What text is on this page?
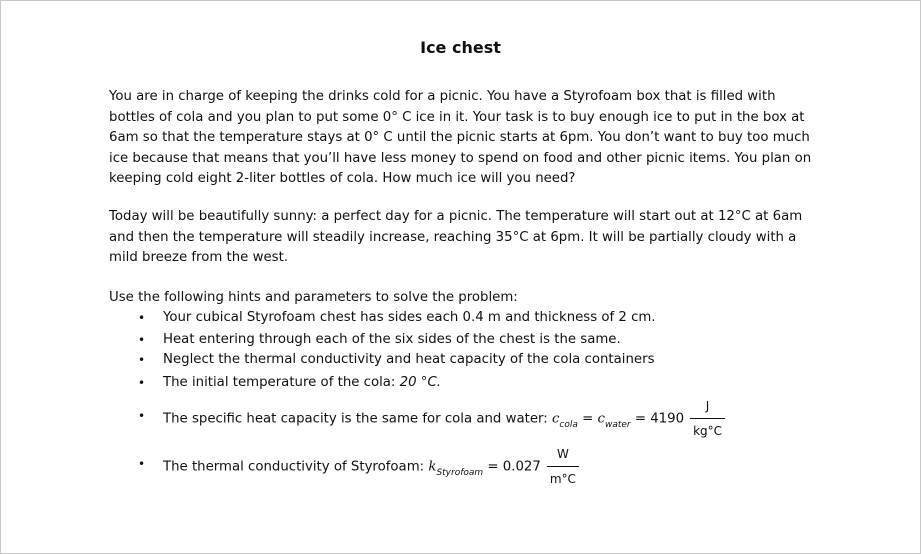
Ice chest
You are in charge of keeping the drinks cold for a picnic. You have a Styrofoam box that is filled with bottles of cola and you plan to put some 0° C ice in it. Your task is to buy enough ice to put in the box at 6am so that the temperature stays at 0° C until the picnic starts at 6pm. You don’t want to buy too much ice because that means that you’ll have less money to spend on food and other picnic items. You plan on keeping cold eight 2-liter bottles of cola. How much ice will you need?
Today will be beautifully sunny: a perfect day for a picnic. The temperature will start out at 12°C at 6am and then the temperature will steadily increase, reaching 35°C at 6pm. It will be partially cloudy with a mild breeze from the west.
Use the following hints and parameters to solve the problem:
• Your cubical Styrofoam chest has sides each 0.4 m and thickness of 2 cm.
• Heat entering through each of the six sides of the chest is the same.
• Neglect the thermal conductivity and heat capacity of the cola containers
• The initial temperature of the cola: 20 °C.
• The specific heat capacity is the same for cola and water: $c_{cola} = c_{water} = 4190 \frac{J}{kg^\circ C}$
• The thermal conductivity of Styrofoam: $k_{Styrofoam} = 0.027 \frac{W}{m^\circ C}$
